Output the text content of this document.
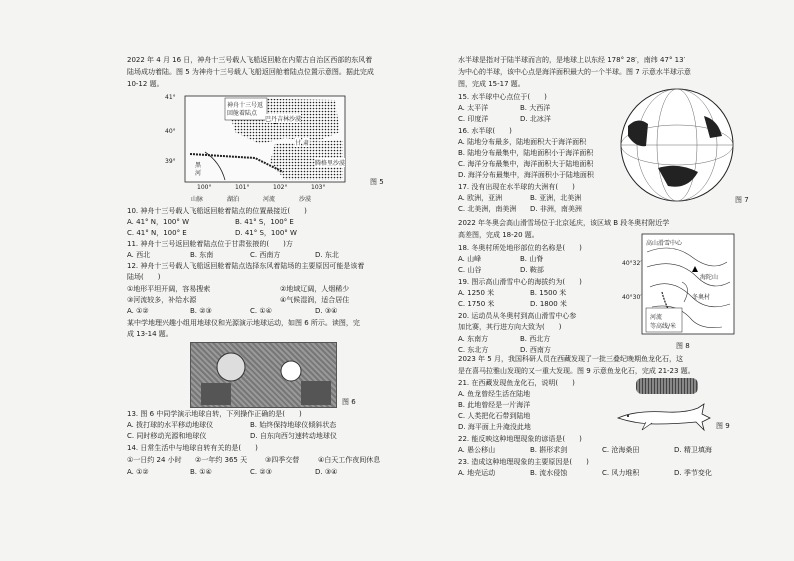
2022 年 4 月 16 日，神舟十三号载人飞船返回舱在内蒙古自治区西部的东风着
陆场成功着陆。图 5 为神舟十三号载人飞船返回舱着陆点位置示意图。据此完成
10-12 题。
41°
40°
39°
神舟十三号返
回舱着陆点
巴丹吉林沙漠
甘 肃
黑
河
腾格里沙漠
100°	101°	102°	103°
山脉	湖泊	河流	沙漠
图 5
10. 神舟十三号载人飞船返回舱着陆点的位置最接近(　　)
A. 41° N，100° W	B. 41° S，100° E
C. 41° N，100° E	D. 41° S，100° W
11. 神舟十三号返回舱着陆点位于甘肃张掖的(　　)方
A. 西北	B. 东南	C. 西南方	D. 东北
12. 神舟十三号载人飞船返回舱着陆点选择东风着陆场的主要原因可能是该着
陆场(　　)
①地形平坦开阔，容易搜索	②地域辽阔，人烟稀少
③河流较多，补给水源	④气候湿润，适合居住
A. ①②	B. ②③	C. ①④	D. ③④
某中学地理兴趣小组用地球仪和光源演示地球运动，如图 6 所示。读图，完
成 13-14 题。
图 6
13. 图 6 中同学演示地球自转，下列操作正确的是(　　)
A. 拨打球的水平移动地球仪	B. 始终保持地球仪倾斜状态
C. 同时移动光源和地球仪	D. 自东向西匀速转动地球仪
14. 日常生活中与地球自转有关的是(　　)
①一日约 24 小时 ②一年约 365 天	③四季交替	④白天工作夜间休息
A. ①②	B. ①④	C. ②③	D. ③④
水半球是指对于陆半球而言的，是地球上以东经 178° 28′，南纬 47° 13′
为中心的半球，该中心点是海洋面积最大的一个半球。图 7 示意水半球示意
图，完成 15-17 题。
15. 水半球中心点位于(　　)
A. 太平洋	B. 大西洋
C. 印度洋	D. 北冰洋
16. 水半球(　　)
A. 陆地分布最多，陆地面积大于海洋面积
B. 陆地分布最集中，陆地面积小于海洋面积
C. 海洋分布最集中，海洋面积大于陆地面积
D. 海洋分布最集中，海洋面积小于陆地面积
17. 没有出现在水半球的大洲有(　　)
A. 欧洲，亚洲	B. 亚洲，北美洲
C. 北美洲，南美洲 D. 非洲，南美洲
图 7
2022 年冬奥会高山滑雪场位于北京延庆，该区域 B 段冬奥村附近学
高差图，完成 18-20 题。
18. 冬奥村所处地形部位的名称是(　　)
A. 山峰	B. 山脊
C. 山谷	D. 鞍部
19. 图示高山滑雪中心的海拔约为(　　)
A. 1250 米	B. 1500 米
C. 1750 米	D. 1800 米
20. 运动员从冬奥村到高山滑雪中心参
加比赛，其行进方向大致为(　　)
A. 东南方	B. 西北方
C. 东北方	D. 西南方
高山滑雪中心
冬奥村
海陀山
河流
等高线/米
40°32′
40°30′
图 8
2023 年 5 月，我国科研人员在西藏发现了一批三叠纪晚期鱼龙化石，这
是在喜马拉雅山发现的又一重大发现。图 9 示意鱼龙化石，完成 21-23 题。
21. 在西藏发现鱼龙化石，说明(　　)
A. 鱼龙曾经生活在陆地
B. 此地曾经是一片海洋
C. 人类把化石带到陆地
D. 海平面上升淹没此地	图 9
22. 能反映这种地理现象的谚语是(　　)
A. 愚公移山	B. 斟形求剑	C. 沧海桑田	D. 精卫填海
23. 造成这种地理现象的主要原因是(　　)
A. 地壳运动	B. 流水侵蚀	C. 风力堆积	D. 季节变化
